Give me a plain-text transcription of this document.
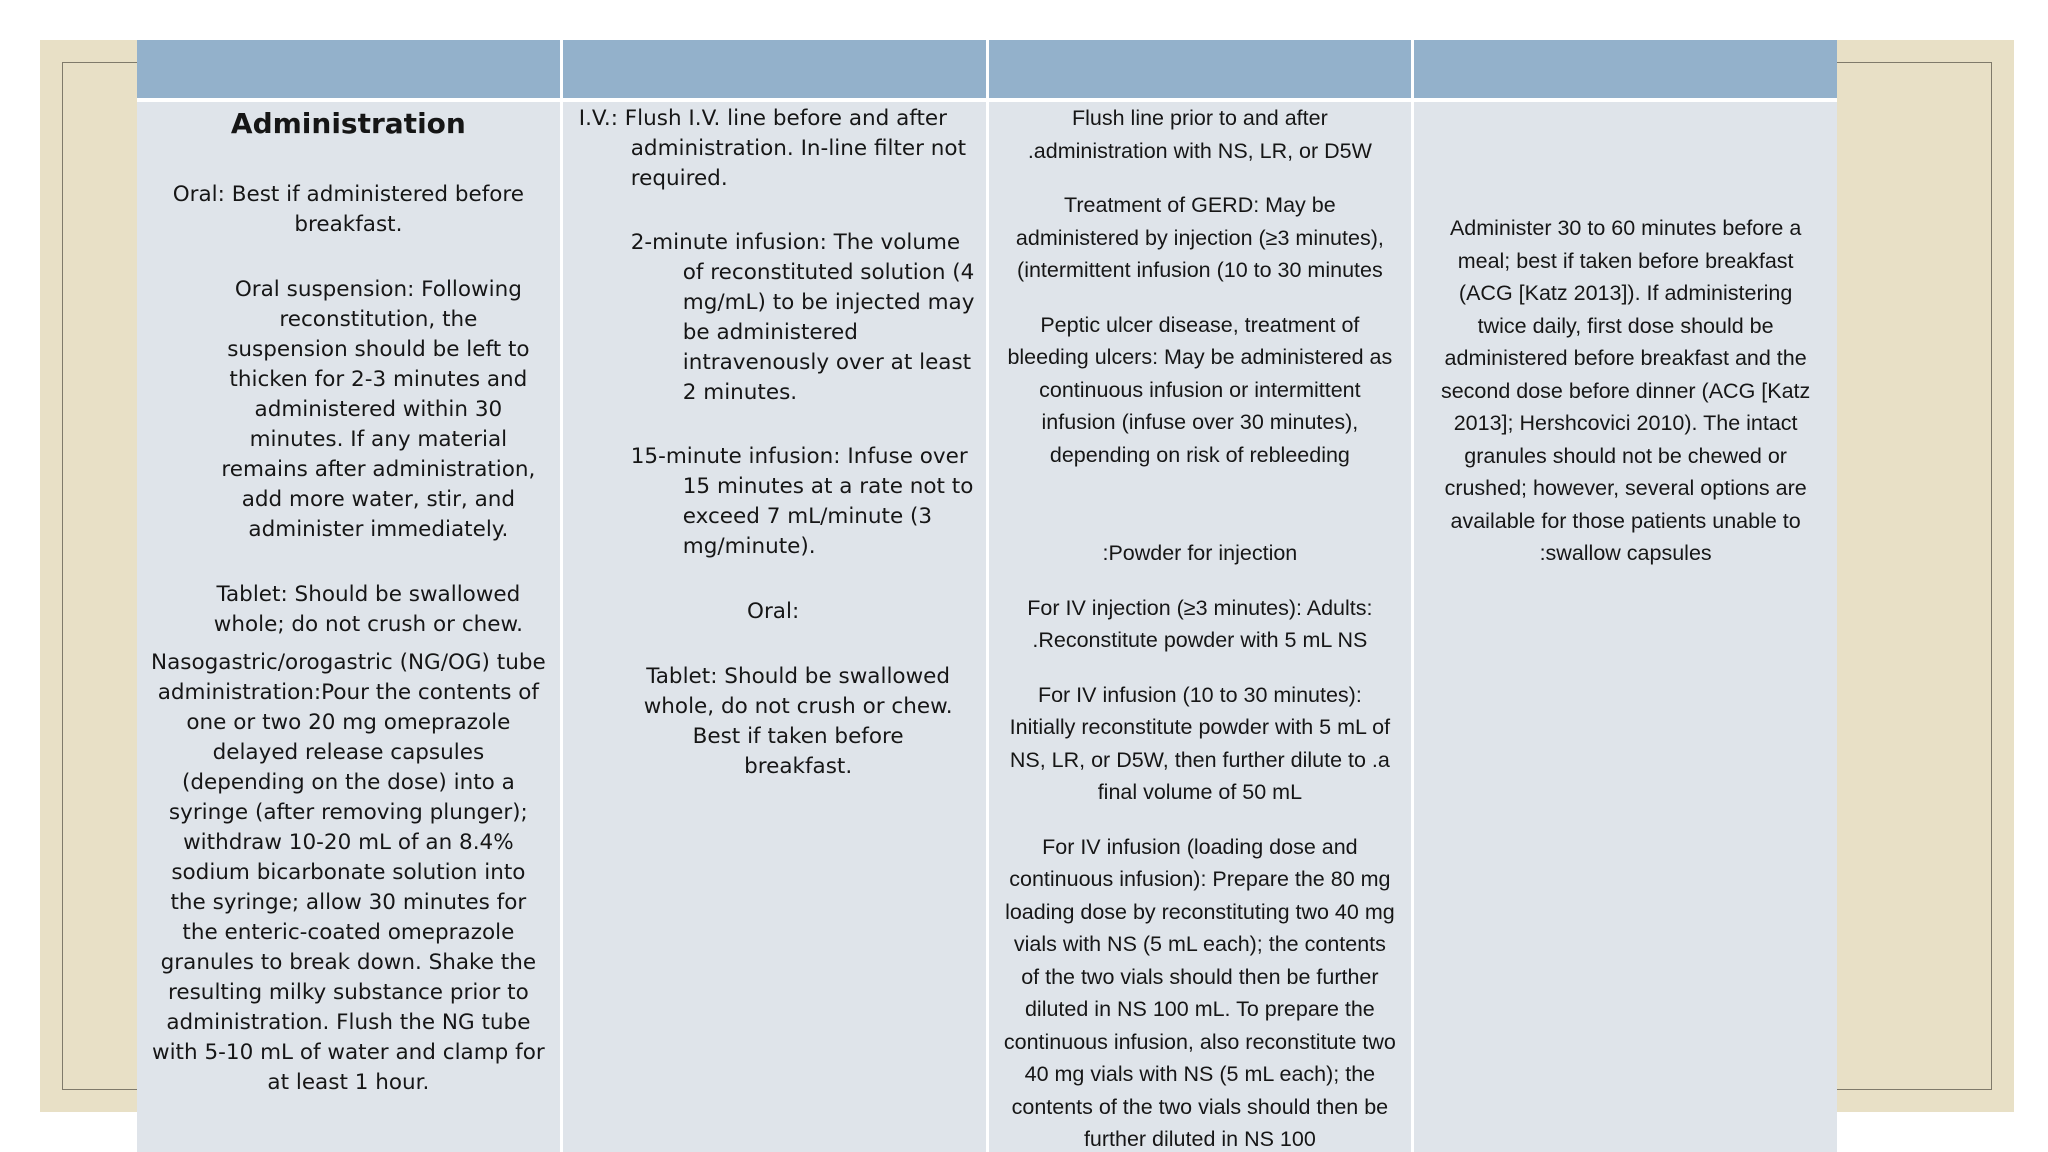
Administration

Oral: Best if administered before breakfast.

Oral suspension: Following reconstitution, the suspension should be left to thicken for 2-3 minutes and administered within 30 minutes. If any material remains after administration, add more water, stir, and administer immediately.

Tablet: Should be swallowed whole; do not crush or chew.

Nasogastric/orogastric (NG/OG) tube administration:Pour the contents of one or two 20 mg omeprazole delayed release capsules (depending on the dose) into a syringe (after removing plunger); withdraw 10-20 mL of an 8.4% sodium bicarbonate solution into the syringe; allow 30 minutes for the enteric-coated omeprazole granules to break down. Shake the resulting milky substance prior to administration. Flush the NG tube with 5-10 mL of water and clamp for at least 1 hour.

I.V.: Flush I.V. line before and after administration. In-line filter not required.

2-minute infusion: The volume of reconstituted solution (4 mg/mL) to be injected may be administered intravenously over at least 2 minutes.

15-minute infusion: Infuse over 15 minutes at a rate not to exceed 7 mL/minute (3 mg/minute).

Oral:

Tablet: Should be swallowed whole, do not crush or chew. Best if taken before breakfast.

Flush line prior to and after .administration with NS, LR, or D5W

Treatment of GERD: May be administered by injection (≥3 minutes), (intermittent infusion (10 to 30 minutes

Peptic ulcer disease, treatment of bleeding ulcers: May be administered as continuous infusion or intermittent infusion (infuse over 30 minutes), depending on risk of rebleeding

:Powder for injection

For IV injection (≥3 minutes): Adults: .Reconstitute powder with 5 mL NS

For IV infusion (10 to 30 minutes): Initially reconstitute powder with 5 mL of NS, LR, or D5W, then further dilute to .a final volume of 50 mL

For IV infusion (loading dose and continuous infusion): Prepare the 80 mg loading dose by reconstituting two 40 mg vials with NS (5 mL each); the contents of the two vials should then be further diluted in NS 100 mL. To prepare the continuous infusion, also reconstitute two 40 mg vials with NS (5 mL each); the contents of the two vials should then be further diluted in NS 100

Administer 30 to 60 minutes before a meal; best if taken before breakfast (ACG [Katz 2013]). If administering twice daily, first dose should be administered before breakfast and the second dose before dinner (ACG [Katz 2013]; Hershcovici 2010). The intact granules should not be chewed or crushed; however, several options are available for those patients unable to :swallow capsules
